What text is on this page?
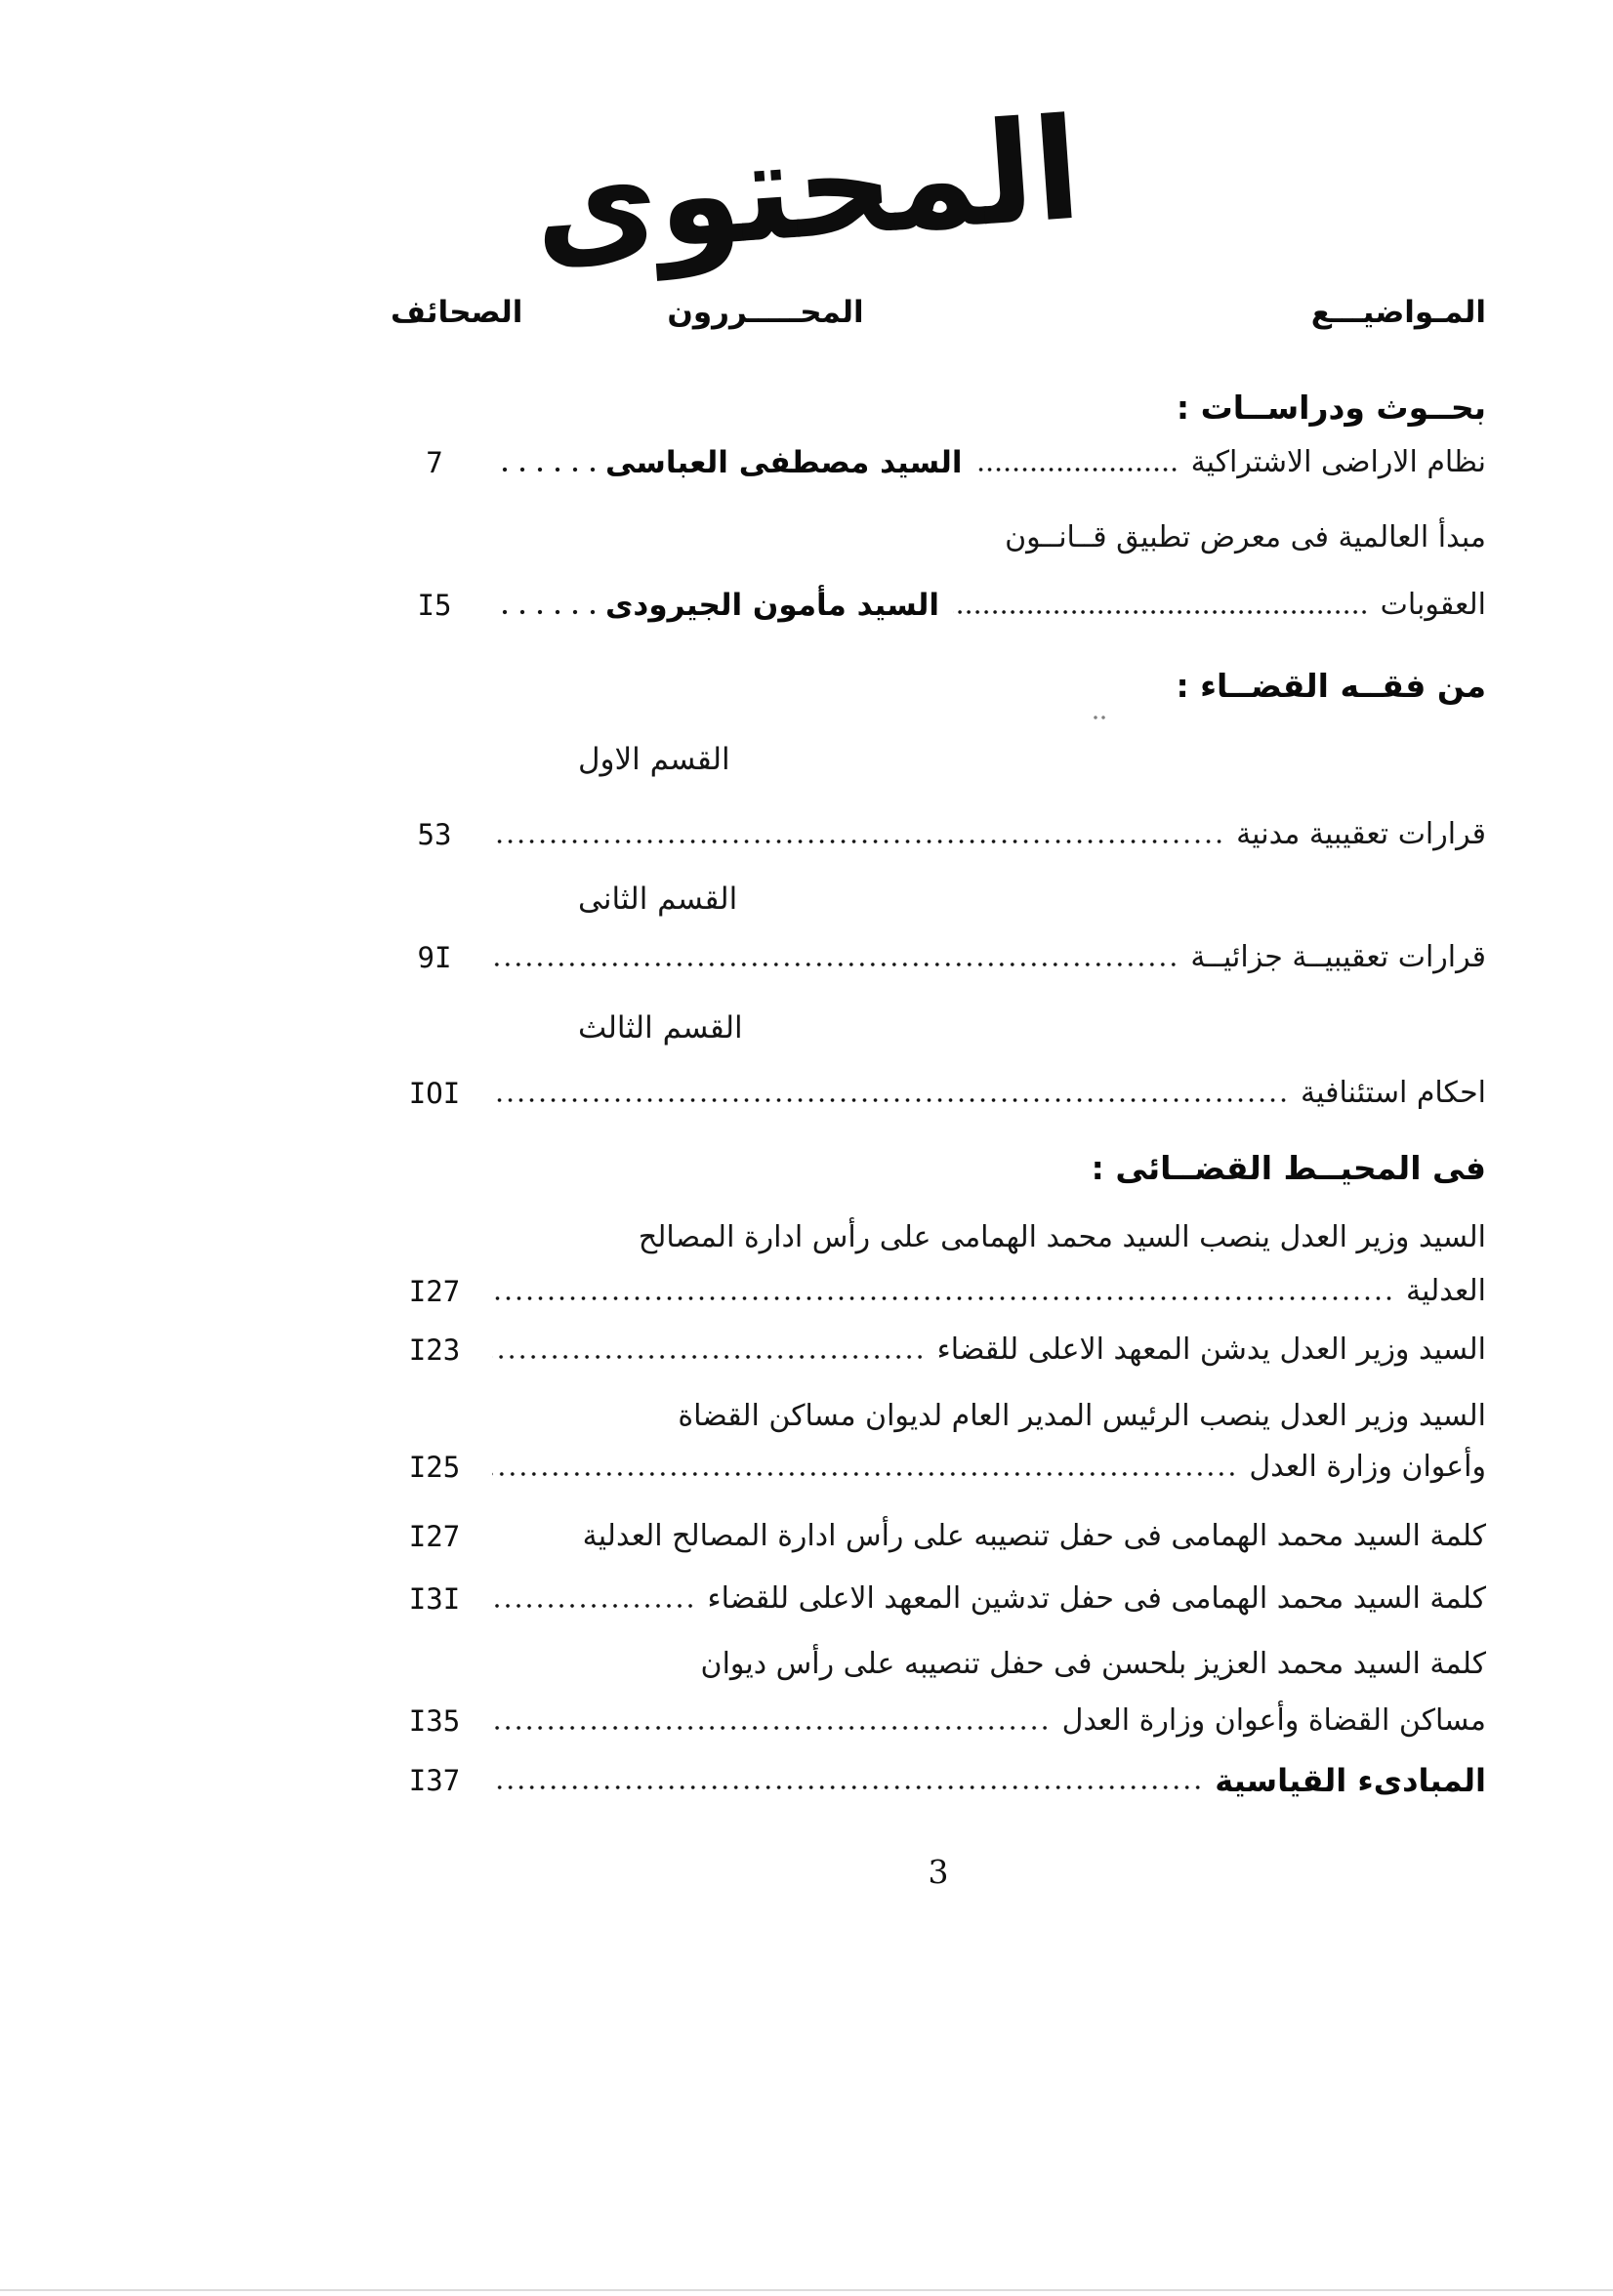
المحتوى
المـواضيـــع
المحـــــررون
الصحائف
بحــوث ودراســات :
نظام الاراضى الاشتراكية
السيد مصطفى العباسى
7
مبدأ العالمية فى معرض تطبيق قــانــون
العقوبات
السيد مأمون الجيرودى
I5
من فقــه القضــاء :
القسم الاول
قرارات تعقيبية مدنية
53
القسم الثانى
قرارات تعقيبيــة جزائيــة
9I
القسم الثالث
احكام استئنافية
IOI
فى المحيــط القضــائى :
السيد وزير العدل ينصب السيد محمد الهمامى على رأس ادارة المصالح
العدلية
I27
السيد وزير العدل يدشن المعهد الاعلى للقضاء
I23
السيد وزير العدل ينصب الرئيس المدير العام لديوان مساكن القضاة
وأعوان وزارة العدل
I25
كلمة السيد محمد الهمامى فى حفل تنصيبه على رأس ادارة المصالح العدلية
I27
كلمة السيد محمد الهمامى فى حفل تدشين المعهد الاعلى للقضاء
I3I
كلمة السيد محمد العزيز بلحسن فى حفل تنصيبه على رأس ديوان
مساكن القضاة وأعوان وزارة العدل
I35
المبادىء القياسية
I37
3
